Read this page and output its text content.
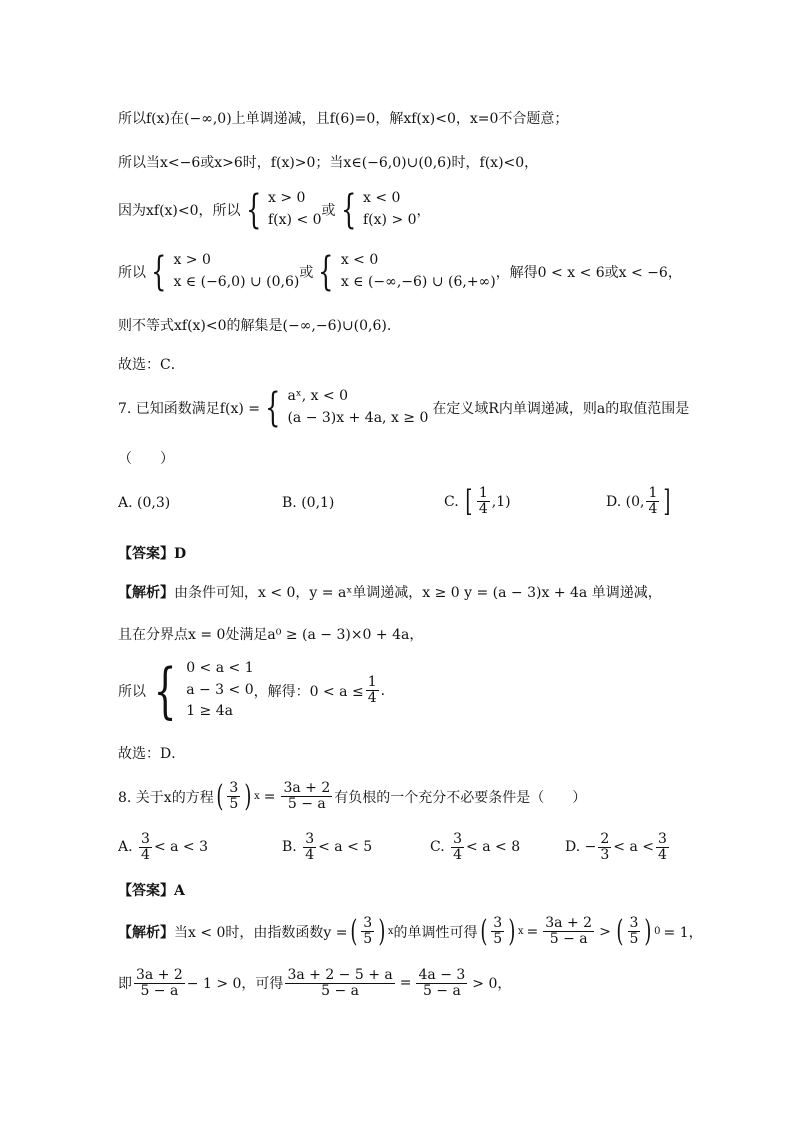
所以f(x)在(−∞,0)上单调递减，且f(6)=0，解xf(x)<0，x=0不合题意；
所以当x<−6或x>6时，f(x)>0；当x∈(−6,0)∪(0,6)时，f(x)<0，
因为xf(x)<0，所以 { x > 0
f(x) < 0
或 { x < 0
f(x) > 0
，
所以 { x > 0
x ∈ (−6,0) ∪ (0,6)
或 { x < 0
x ∈ (−∞,−6) ∪ (6,+∞)
，解得0 < x < 6或x < −6，
则不等式xf(x)<0的解集是(−∞,−6)∪(0,6).
故选：C．
7. 已知函数满足f(x) = { aˣ, x < 0
(a − 3)x + 4a, x ≥ 0
在定义域R内单调递减，则a的取值范围是
（　　）
A.
(0,3)	B.
(0,1)	C.
[ $\frac{1}{4} ,1$)	D.
(0, $\frac{1}{4}$ ]
【答案】D
【解析】 由条件可知，x < 0，y = aˣ单调递减，x ≥ 0 y = (a − 3)x + 4a 单调递减，
且在分界点x = 0处满足a⁰ ≥ (a − 3)×0 + 4a，
所以 { 0 < a < 1
a − 3 < 0
1 ≥ 4a
，解得：$0 < a \le \frac{1}{4}$ .
故选：D．
8. 关于x的方程 ( $\frac{3}{5}$ ) $x = \frac{3a + 2}{5 - a}$ 有负根的一个充分不必要条件是（　　）
A.
$\frac{3}{4} < a < 3$	B.
$\frac{3}{4} < a < 5$	C.
$\frac{3}{4} < a < 8$	D.
− $\frac{2}{3} < a < \frac{3}{4}$
【答案】A
【解析】 当x < 0时，由指数函数y = ( $\frac{3}{5}$ ) x 的单调性可得 ( $\frac{3}{5}$ ) $x = \frac{3a + 2}{5 - a}$ > ( $\frac{3}{5}$ ) 0 = 1，
即 $\frac{3a + 2}{5 - a} - 1 > 0$，可得 $\frac{3a + 2 - 5 + a}{5 - a} = \frac{4a - 3}{5 - a} > 0$，
